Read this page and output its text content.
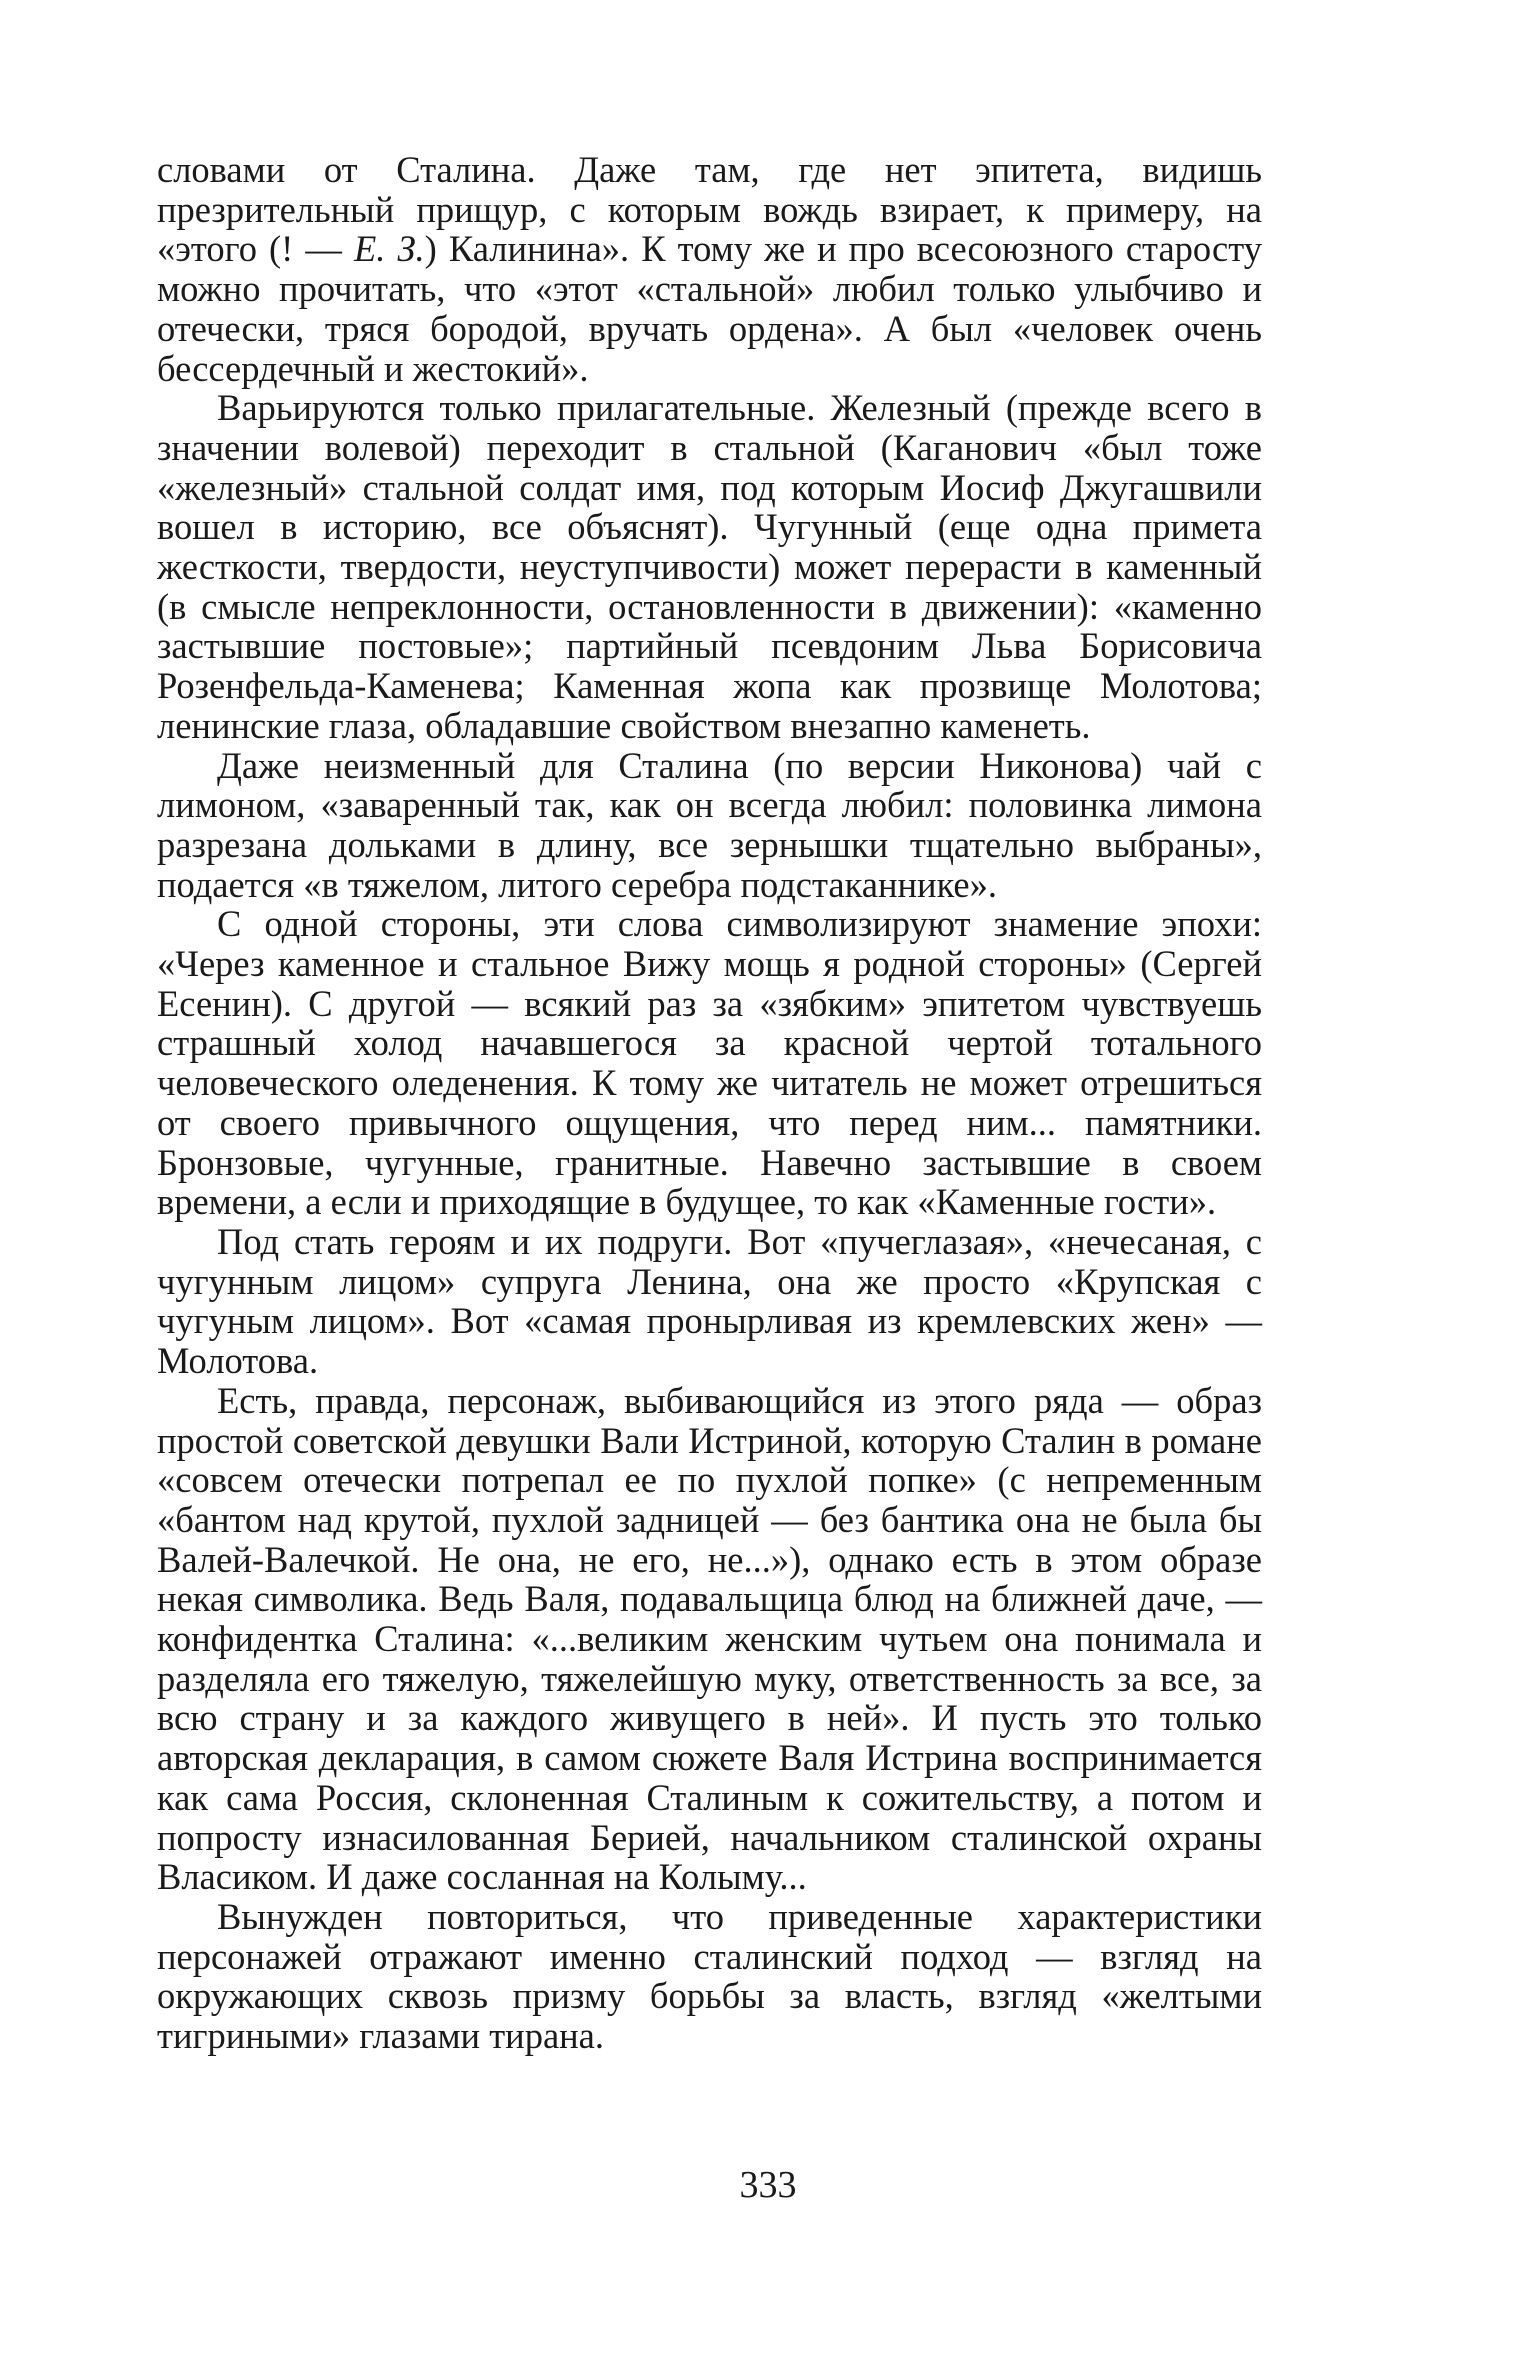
словами от Сталина. Даже там, где нет эпитета, видишь презрительный прищур, с которым вождь взирает, к примеру, на «этого (! — Е. З.) Калинина». К тому же и про всесоюзного старосту можно прочитать, что «этот «стальной» любил только улыбчиво и отечески, тряся бородой, вручать ордена». А был «человек очень бессердечный и жестокий».

Варьируются только прилагательные. Железный (прежде всего в значении волевой) переходит в стальной (Каганович «был тоже «железный» стальной солдат имя, под которым Иосиф Джугашвили вошел в историю, все объяснят). Чугунный (еще одна примета жесткости, твердости, неуступчивости) может перерасти в каменный (в смысле непреклонности, остановленности в движении): «каменно застывшие постовые»; партийный псевдоним Льва Борисовича Розенфельда-Каменева; Каменная жопа как прозвище Молотова; ленинские глаза, обладавшие свойством внезапно каменеть.

Даже неизменный для Сталина (по версии Никонова) чай с лимоном, «заваренный так, как он всегда любил: половинка лимона разрезана дольками в длину, все зернышки тщательно выбраны», подается «в тяжелом, литого серебра подстаканнике».

С одной стороны, эти слова символизируют знамение эпохи: «Через каменное и стальное Вижу мощь я родной стороны» (Сергей Есенин). С другой — всякий раз за «зябким» эпитетом чувствуешь страшный холод начавшегося за красной чертой тотального человеческого оледенения. К тому же читатель не может отрешиться от своего привычного ощущения, что перед ним... памятники. Бронзовые, чугунные, гранитные. Навечно застывшие в своем времени, а если и приходящие в будущее, то как «Каменные гости».

Под стать героям и их подруги. Вот «пучеглазая», «нечесаная, с чугунным лицом» супруга Ленина, она же просто «Крупская с чугуным лицом». Вот «самая пронырливая из кремлевских жен» — Молотова.

Есть, правда, персонаж, выбивающийся из этого ряда — образ простой советской девушки Вали Истриной, которую Сталин в романе «совсем отечески потрепал ее по пухлой попке» (с непременным «бантом над крутой, пухлой задницей — без бантика она не была бы Валей-Валечкой. Не она, не его, не...»), однако есть в этом образе некая символика. Ведь Валя, подавальщица блюд на ближней даче, — конфидентка Сталина: «...великим женским чутьем она понимала и разделяла его тяжелую, тяжелейшую муку, ответственность за все, за всю страну и за каждого живущего в ней». И пусть это только авторская декларация, в самом сюжете Валя Истрина воспринимается как сама Россия, склоненная Сталиным к сожительству, а потом и попросту изнасилованная Берией, начальником сталинской охраны Власиком. И даже сосланная на Колыму...

Вынужден повториться, что приведенные характеристики персонажей отражают именно сталинский подход — взгляд на окружающих сквозь призму борьбы за власть, взгляд «желтыми тигриными» глазами тирана.

333
